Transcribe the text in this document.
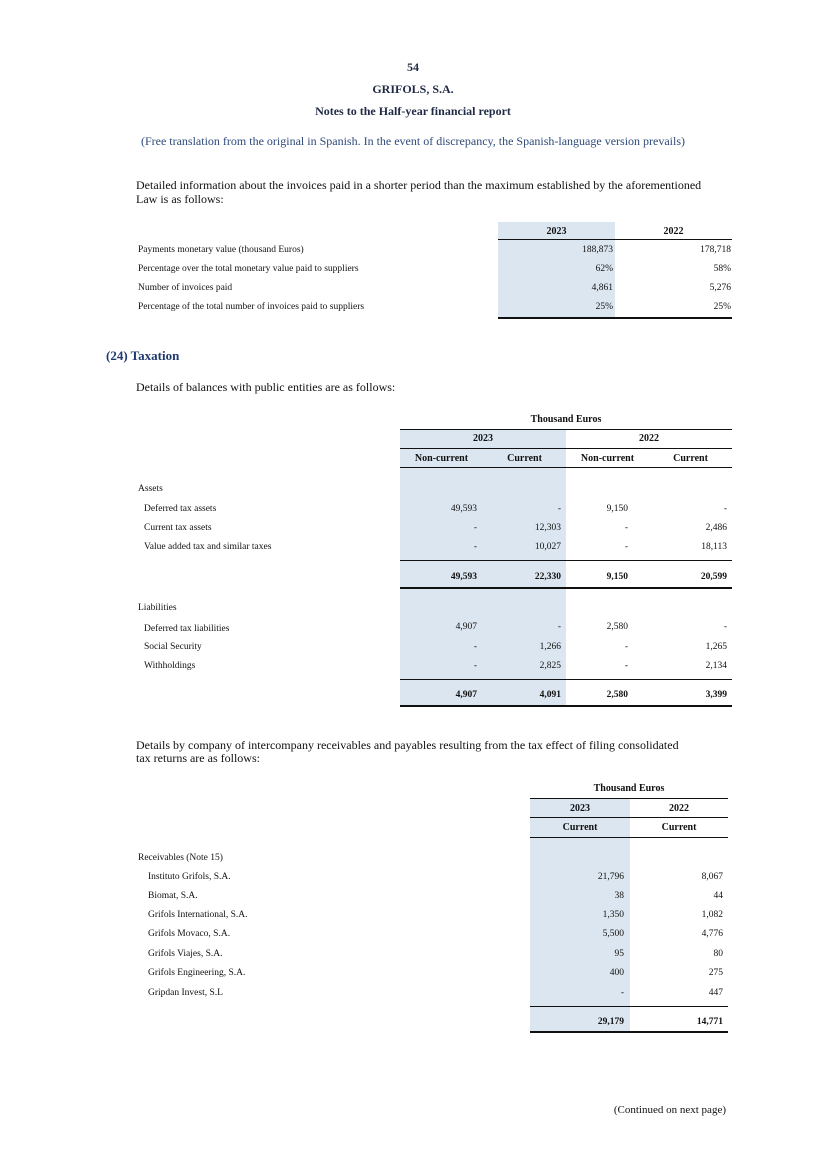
54
GRIFOLS, S.A.
Notes to the Half-year financial report
(Free translation from the original in Spanish. In the event of discrepancy, the Spanish-language version prevails)
Detailed information about the invoices paid in a shorter period than the maximum established by the aforementioned
Law is as follows:
2023	2022
Payments monetary value (thousand Euros)	188,873	178,718
Percentage over the total monetary value paid to suppliers	62%	58%
Number of invoices paid	4,861	5,276
Percentage of the total number of invoices paid to suppliers	25%	25%
(24) Taxation
Details of balances with public entities are as follows:
Thousand Euros
2023	2022
Non-current	Current	Non-current	Current
Assets
Deferred tax assets	49,593	-	9,150	-
Current tax assets	-	12,303	-	2,486
Value added tax and similar taxes	-	10,027	-	18,113
49,593	22,330	9,150	20,599
Liabilities
Deferred tax liabilities	4,907	-	2,580	-
Social Security	-	1,266	-	1,265
Withholdings	-	2,825	-	2,134
4,907	4,091	2,580	3,399
Details by company of intercompany receivables and payables resulting from the tax effect of filing consolidated
tax returns are as follows:
Thousand Euros
2023	2022
Current	Current
Receivables (Note 15)
Instituto Grifols, S.A.	21,796	8,067
Biomat, S.A.	38	44
Grifols International, S.A.	1,350	1,082
Grifols Movaco, S.A.	5,500	4,776
Grifols Viajes, S.A.	95	80
Grifols Engineering, S.A.	400	275
Gripdan Invest, S.L	-	447
29,179	14,771
(Continued on next page)
